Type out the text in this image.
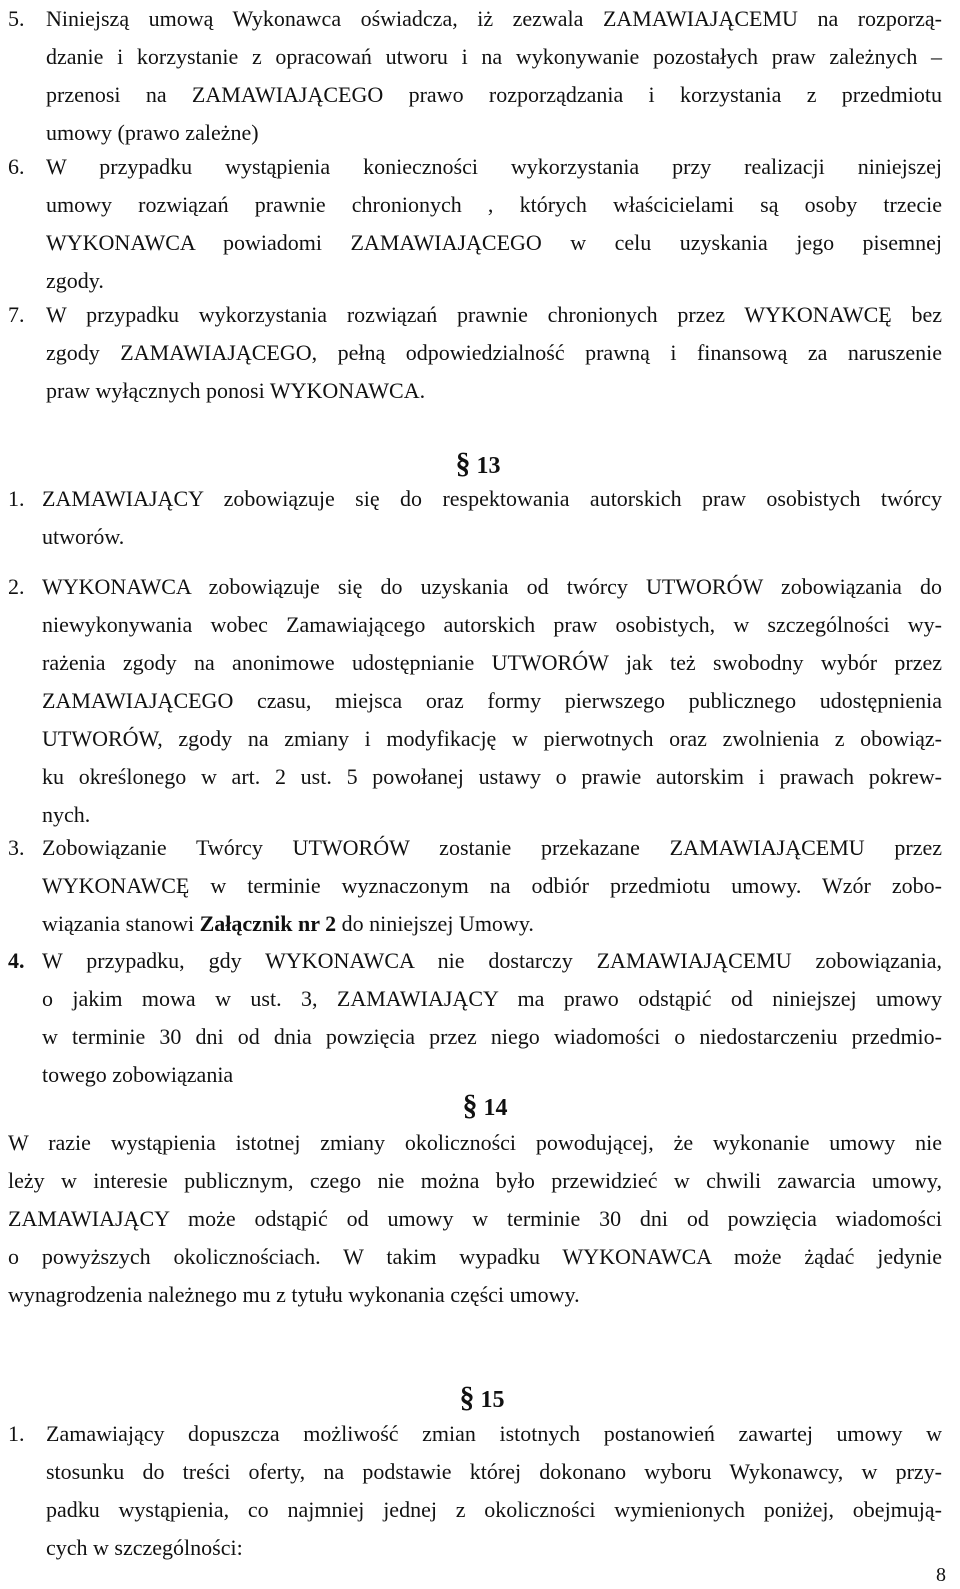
5. Niniejszą umową Wykonawca oświadcza, iż zezwala ZAMAWIAJĄCEMU na rozporzą-
dzanie i korzystanie z opracowań utworu i na wykonywanie pozostałych praw zależnych –
przenosi na ZAMAWIAJĄCEGO prawo rozporządzania i korzystania z przedmiotu
umowy (prawo zależne)
6. W przypadku wystąpienia konieczności wykorzystania przy realizacji niniejszej
umowy rozwiązań prawnie chronionych , których właścicielami są osoby trzecie
WYKONAWCA powiadomi ZAMAWIAJĄCEGO w celu uzyskania jego pisemnej
zgody.
7. W przypadku wykorzystania rozwiązań prawnie chronionych przez WYKONAWCĘ bez
zgody ZAMAWIAJĄCEGO, pełną odpowiedzialność prawną i finansową za naruszenie
praw wyłącznych ponosi WYKONAWCA.
§ 13
1. ZAMAWIAJĄCY zobowiązuje się do respektowania autorskich praw osobistych twórcy
utworów.
2. WYKONAWCA zobowiązuje się do uzyskania od twórcy UTWORÓW zobowiązania do
niewykonywania wobec Zamawiającego autorskich praw osobistych, w szczególności wy-
rażenia zgody na anonimowe udostępnianie UTWORÓW jak też swobodny wybór przez
ZAMAWIAJĄCEGO czasu, miejsca oraz formy pierwszego publicznego udostępnienia
UTWORÓW, zgody na zmiany i modyfikację w pierwotnych oraz zwolnienia z obowiąz-
ku określonego w art. 2 ust. 5 powołanej ustawy o prawie autorskim i prawach pokrew-
nych.
3. Zobowiązanie Twórcy UTWORÓW zostanie przekazane ZAMAWIAJĄCEMU przez
WYKONAWCĘ w terminie wyznaczonym na odbiór przedmiotu umowy. Wzór zobo-
wiązania stanowi Załącznik nr 2 do niniejszej Umowy.
4. W przypadku, gdy WYKONAWCA nie dostarczy ZAMAWIAJĄCEMU zobowiązania,
o jakim mowa w ust. 3, ZAMAWIAJĄCY ma prawo odstąpić od niniejszej umowy
w terminie 30 dni od dnia powzięcia przez niego wiadomości o niedostarczeniu przedmio-
towego zobowiązania
§ 14
W razie wystąpienia istotnej zmiany okoliczności powodującej, że wykonanie umowy nie
leży w interesie publicznym, czego nie można było przewidzieć w chwili zawarcia umowy,
ZAMAWIAJĄCY może odstąpić od umowy w terminie 30 dni od powzięcia wiadomości
o powyższych okolicznościach. W takim wypadku WYKONAWCA może żądać jedynie
wynagrodzenia należnego mu z tytułu wykonania części umowy.
§ 15
1. Zamawiający dopuszcza możliwość zmian istotnych postanowień zawartej umowy w
stosunku do treści oferty, na podstawie której dokonano wyboru Wykonawcy, w przy-
padku wystąpienia, co najmniej jednej z okoliczności wymienionych poniżej, obejmują-
cych w szczególności:
8
